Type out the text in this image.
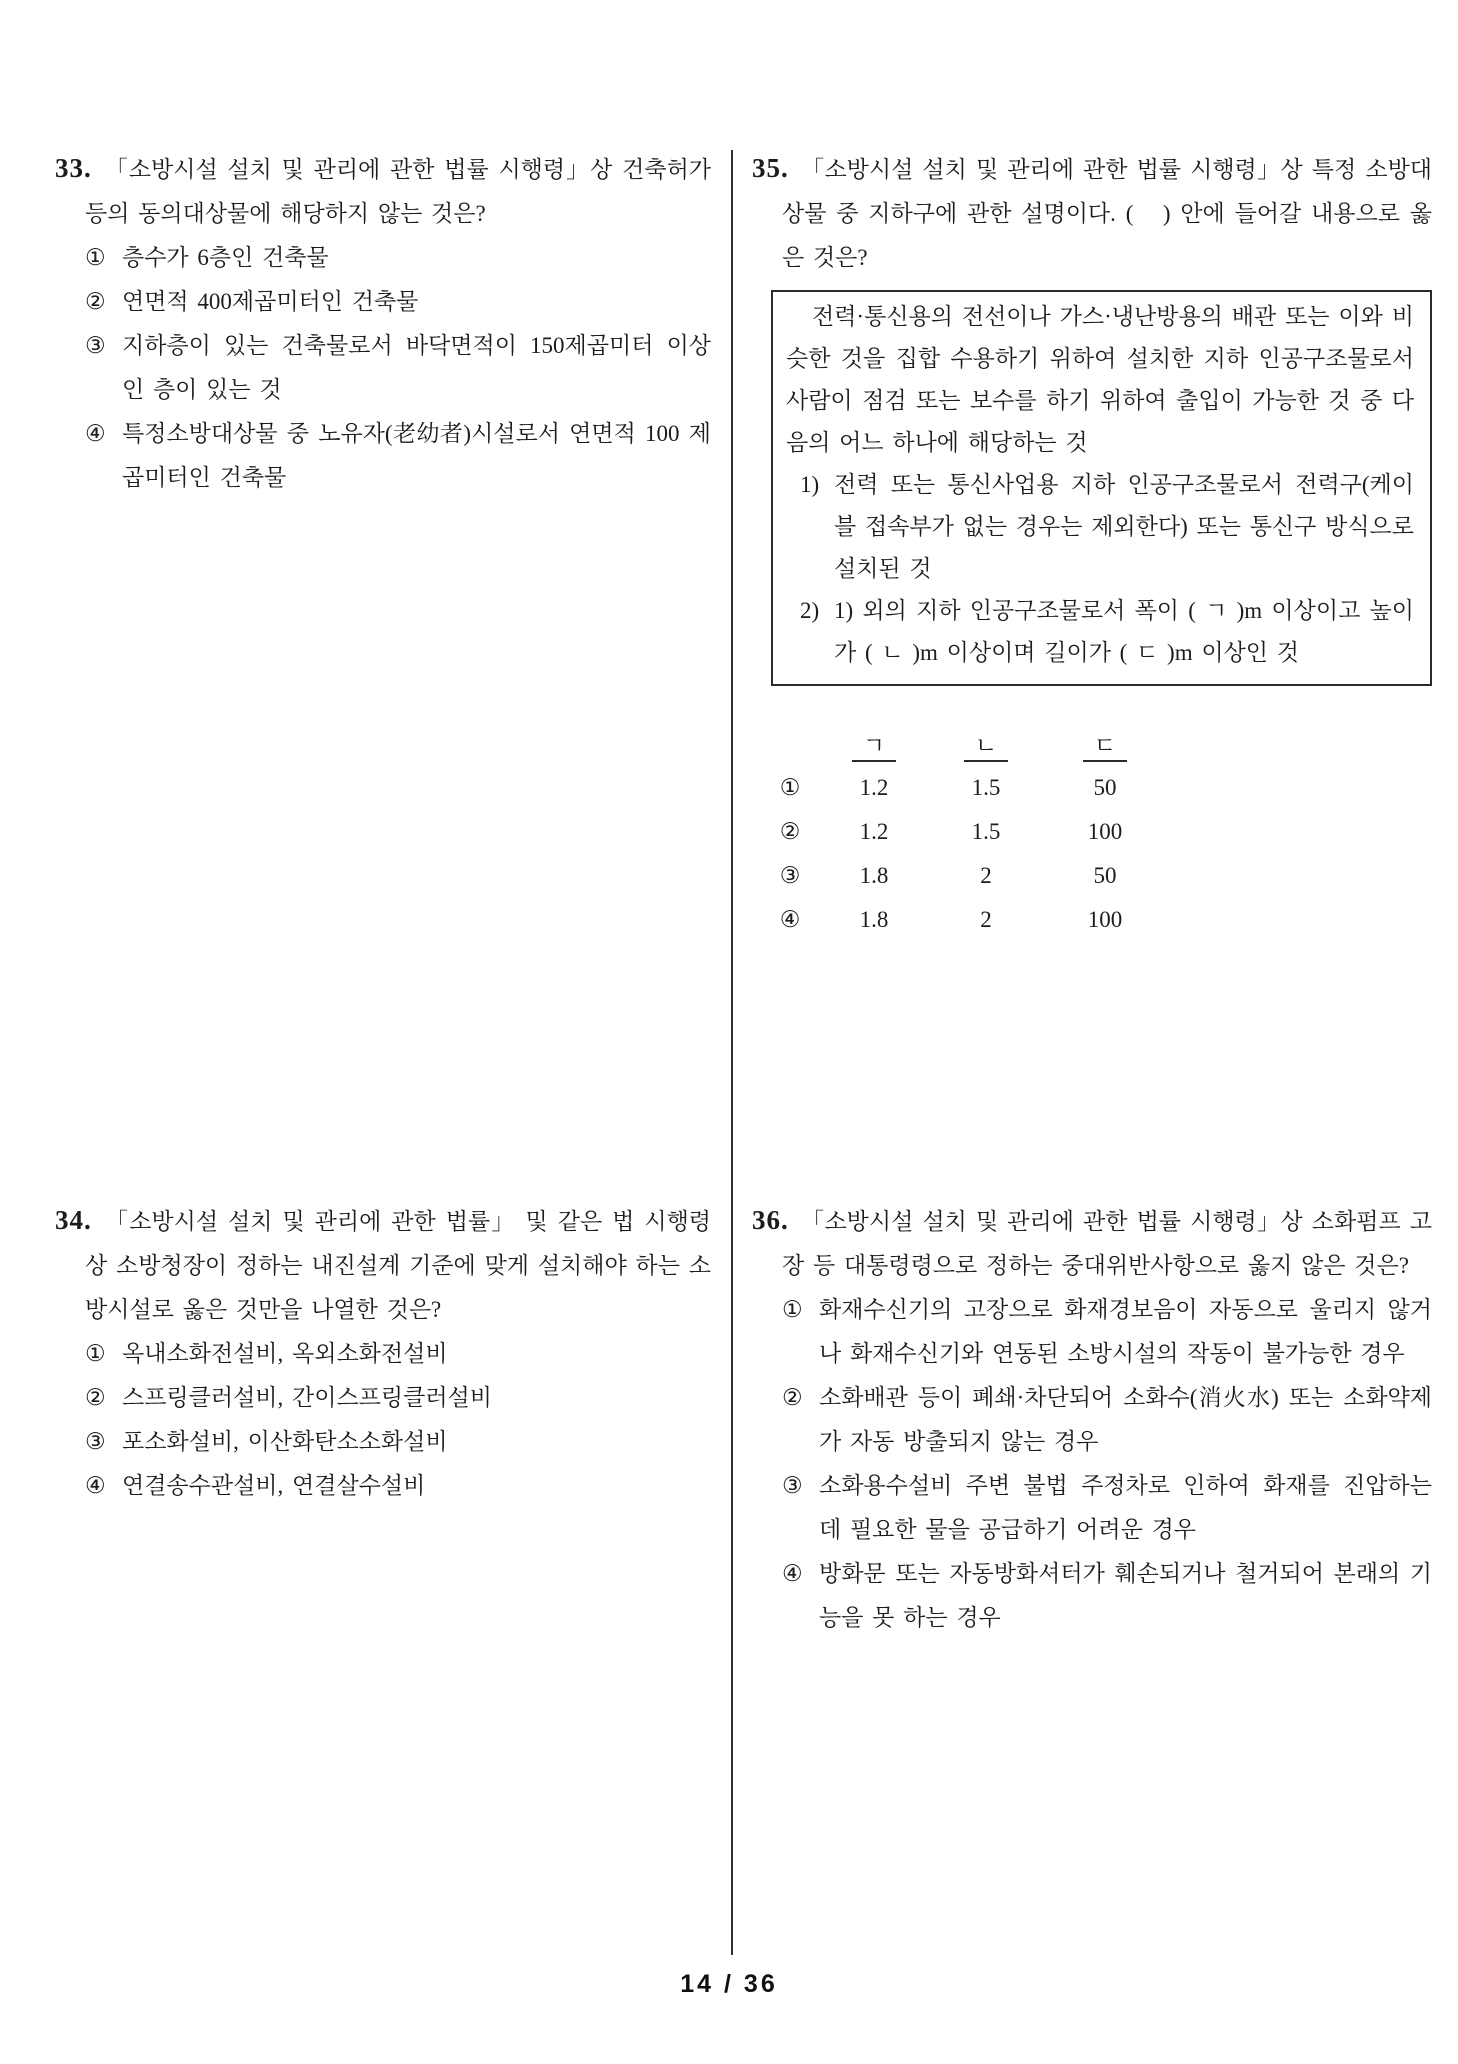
33. 「소방시설 설치 및 관리에 관한 법률 시행령」상 건축허가 등의 동의대상물에 해당하지 않는 것은?

① 층수가 6층인 건축물
② 연면적 400제곱미터인 건축물
③ 지하층이 있는 건축물로서 바닥면적이 150제곱미터 이상인 층이 있는 것
④ 특정소방대상물 중 노유자(老幼者)시설로서 연면적 100 제곱미터인 건축물

34. 「소방시설 설치 및 관리에 관한 법률」 및 같은 법 시행령상 소방청장이 정하는 내진설계 기준에 맞게 설치해야 하는 소방시설로 옳은 것만을 나열한 것은?

① 옥내소화전설비, 옥외소화전설비
② 스프링클러설비, 간이스프링클러설비
③ 포소화설비, 이산화탄소소화설비
④ 연결송수관설비, 연결살수설비

35. 「소방시설 설치 및 관리에 관한 법률 시행령」상 특정 소방대상물 중 지하구에 관한 설명이다. (   ) 안에 들어갈 내용으로 옳은 것은?

전력·통신용의 전선이나 가스·냉난방용의 배관 또는 이와 비슷한 것을 집합 수용하기 위하여 설치한 지하 인공구조물로서 사람이 점검 또는 보수를 하기 위하여 출입이 가능한 것 중 다음의 어느 하나에 해당하는 것

1) 전력 또는 통신사업용 지하 인공구조물로서 전력구(케이블 접속부가 없는 경우는 제외한다) 또는 통신구 방식으로 설치된 것
2) 1) 외의 지하 인공구조물로서 폭이 ( ㄱ )m 이상이고 높이가 ( ㄴ )m 이상이며 길이가 ( ㄷ )m 이상인 것
ㄱ	ㄴ	ㄷ
①	1.2	1.5	50
②	1.2	1.5	100
③	1.8	2	50
④	1.8	2	100

36. 「소방시설 설치 및 관리에 관한 법률 시행령」상 소화펌프 고장 등 대통령령으로 정하는 중대위반사항으로 옳지 않은 것은?

① 화재수신기의 고장으로 화재경보음이 자동으로 울리지 않거나 화재수신기와 연동된 소방시설의 작동이 불가능한 경우
② 소화배관 등이 폐쇄·차단되어 소화수(消火水) 또는 소화약제가 자동 방출되지 않는 경우
③ 소화용수설비 주변 불법 주정차로 인하여 화재를 진압하는 데 필요한 물을 공급하기 어려운 경우
④ 방화문 또는 자동방화셔터가 훼손되거나 철거되어 본래의 기능을 못 하는 경우
14 / 36
